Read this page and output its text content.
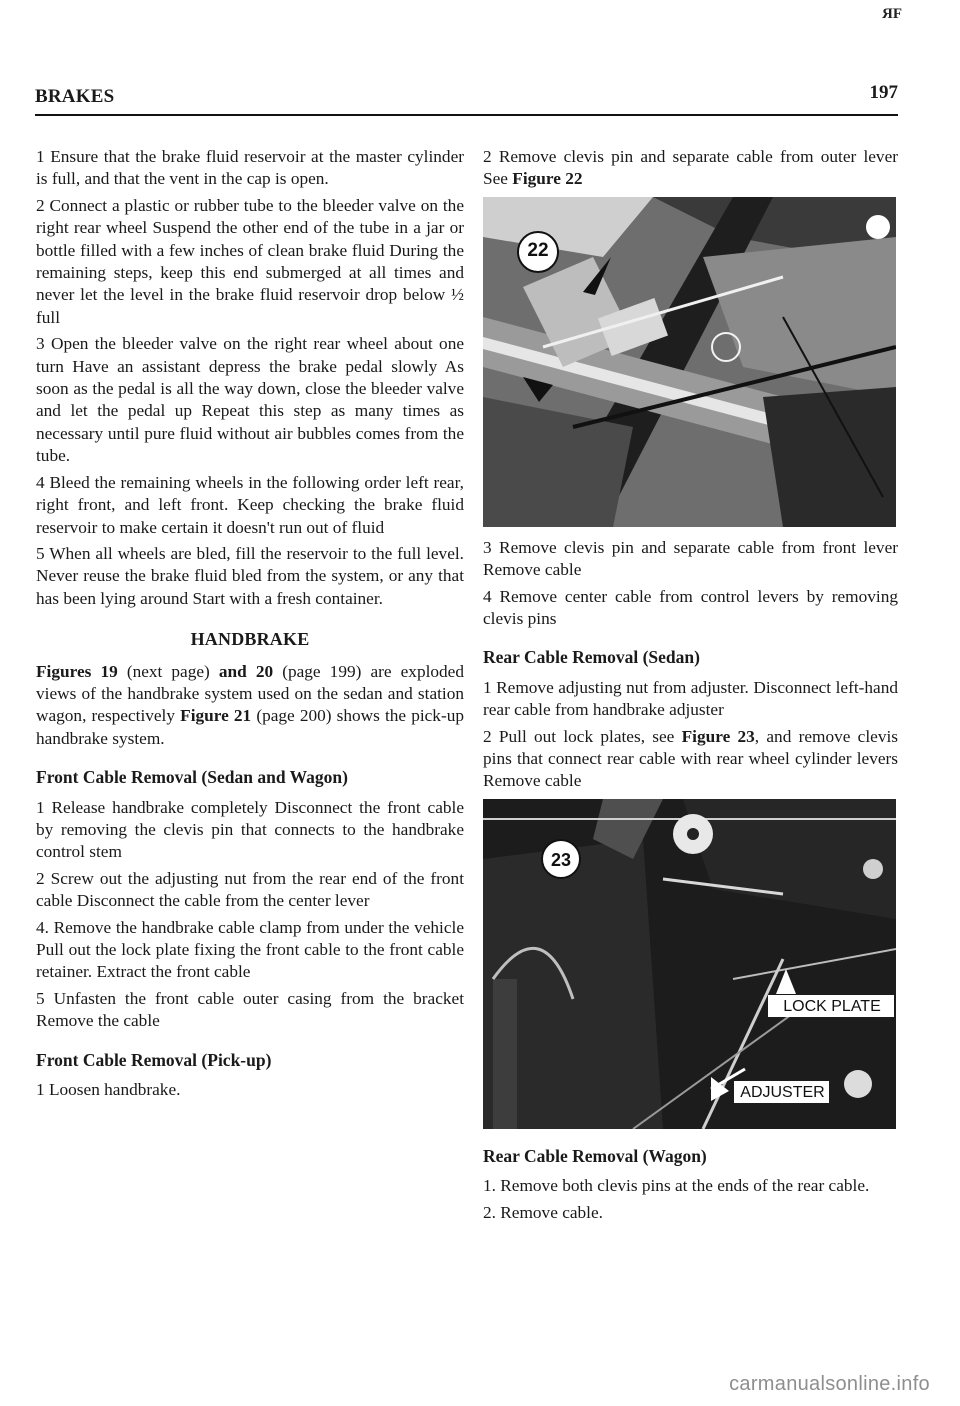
ЯF
BRAKES	197

1 Ensure that the brake fluid reservoir at the master cylinder is full, and that the vent in the cap is open.

2 Connect a plastic or rubber tube to the bleeder valve on the right rear wheel Suspend the other end of the tube in a jar or bottle filled with a few inches of clean brake fluid During the remaining steps, keep this end submerged at all times and never let the level in the brake fluid reservoir drop below ½ full

3 Open the bleeder valve on the right rear wheel about one turn Have an assistant depress the brake pedal slowly As soon as the pedal is all the way down, close the bleeder valve and let the pedal up Repeat this step as many times as necessary until pure fluid without air bubbles comes from the tube.

4 Bleed the remaining wheels in the following order left rear, right front, and left front. Keep checking the brake fluid reservoir to make certain it doesn't run out of fluid

5 When all wheels are bled, fill the reservoir to the full level. Never reuse the brake fluid bled from the system, or any that has been lying around Start with a fresh container.

HANDBRAKE

Figures 19 (next page) and 20 (page 199) are exploded views of the handbrake system used on the sedan and station wagon, respectively Figure 21 (page 200) shows the pick-up handbrake system.

Front Cable Removal (Sedan and Wagon)

1 Release handbrake completely Disconnect the front cable by removing the clevis pin that connects to the handbrake control stem

2 Screw out the adjusting nut from the rear end of the front cable Disconnect the cable from the center lever

4. Remove the handbrake cable clamp from under the vehicle Pull out the lock plate fixing the front cable to the front cable retainer. Extract the front cable

5 Unfasten the front cable outer casing from the bracket Remove the cable

Front Cable Removal (Pick-up)

1 Loosen handbrake.

2 Remove clevis pin and separate cable from outer lever See Figure 22

22

3 Remove clevis pin and separate cable from front lever Remove cable

4 Remove center cable from control levers by removing clevis pins

Rear Cable Removal (Sedan)

1 Remove adjusting nut from adjuster. Disconnect left-hand rear cable from handbrake adjuster

2 Pull out lock plates, see Figure 23, and remove clevis pins that connect rear cable with rear wheel cylinder levers Remove cable

23
LOCK PLATE
ADJUSTER
Rear Cable Removal (Wagon)

1. Remove both clevis pins at the ends of the rear cable.

2. Remove cable.

carmanualsonline.info
